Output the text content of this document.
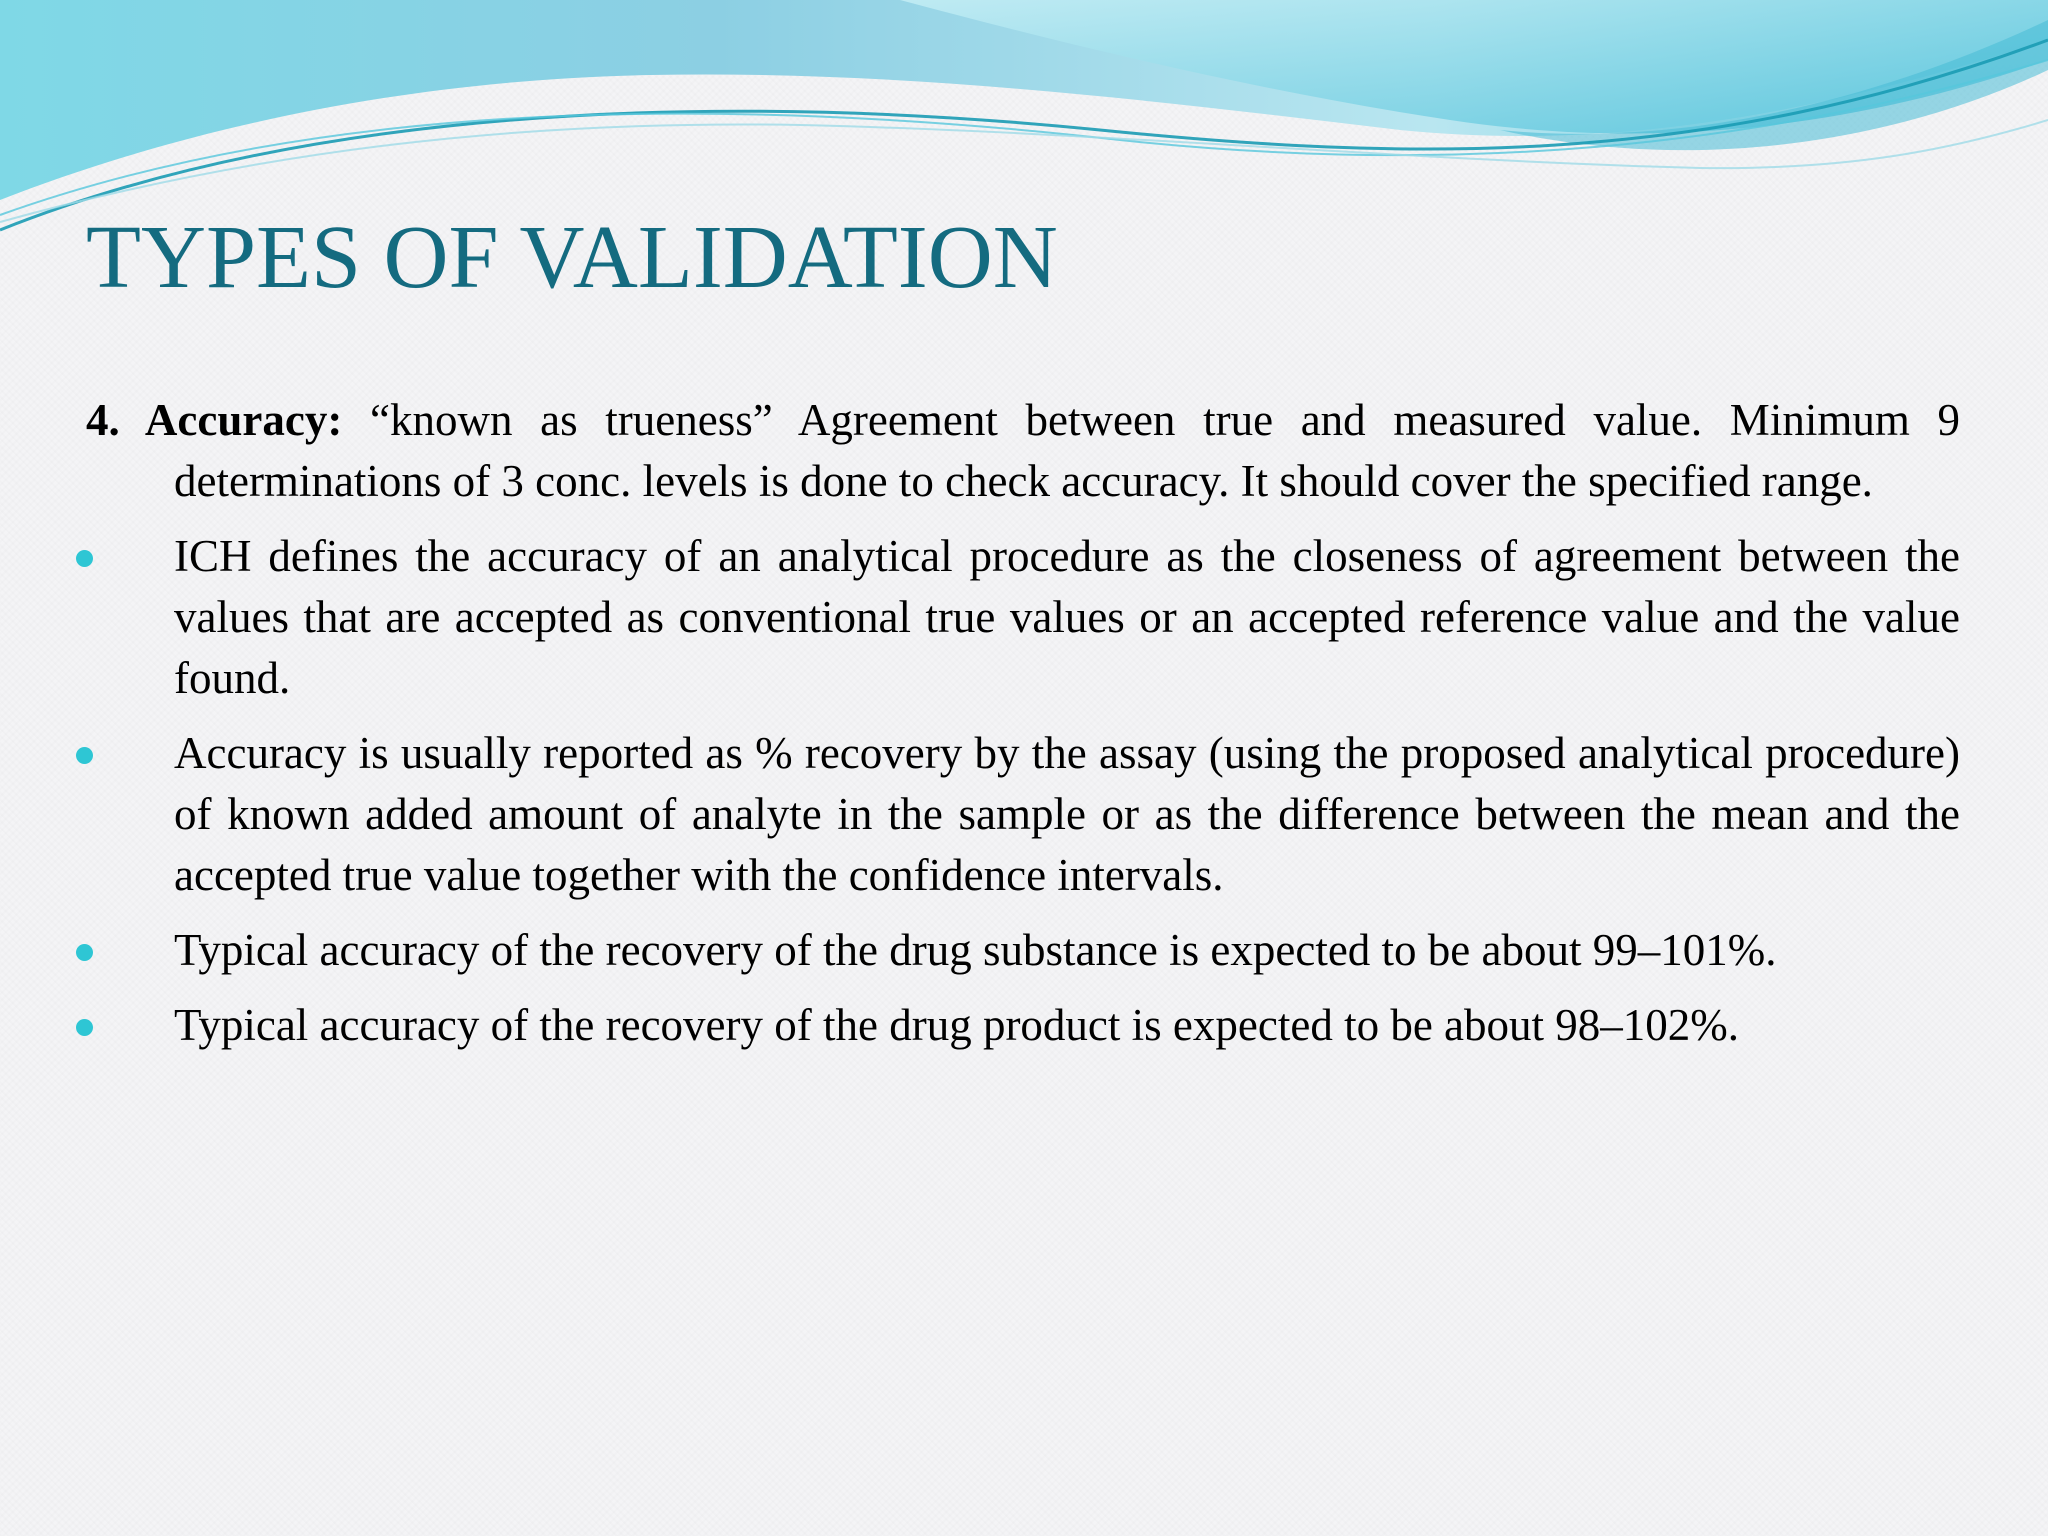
TYPES OF VALIDATION

4. Accuracy: “known as trueness” Agreement between true and measured value. Minimum 9 determinations of 3 conc. levels is done to check accuracy. It should cover the specified range.

ICH defines the accuracy of an analytical procedure as the closeness of agreement between the values that are accepted as conventional true values or an accepted reference value and the value found.
Accuracy is usually reported as % recovery by the assay (using the proposed analytical procedure) of known added amount of analyte in the sample or as the difference between the mean and the accepted true value together with the confidence intervals.
Typical accuracy of the recovery of the drug substance is expected to be about 99–101%.
Typical accuracy of the recovery of the drug product is expected to be about 98–102%.
